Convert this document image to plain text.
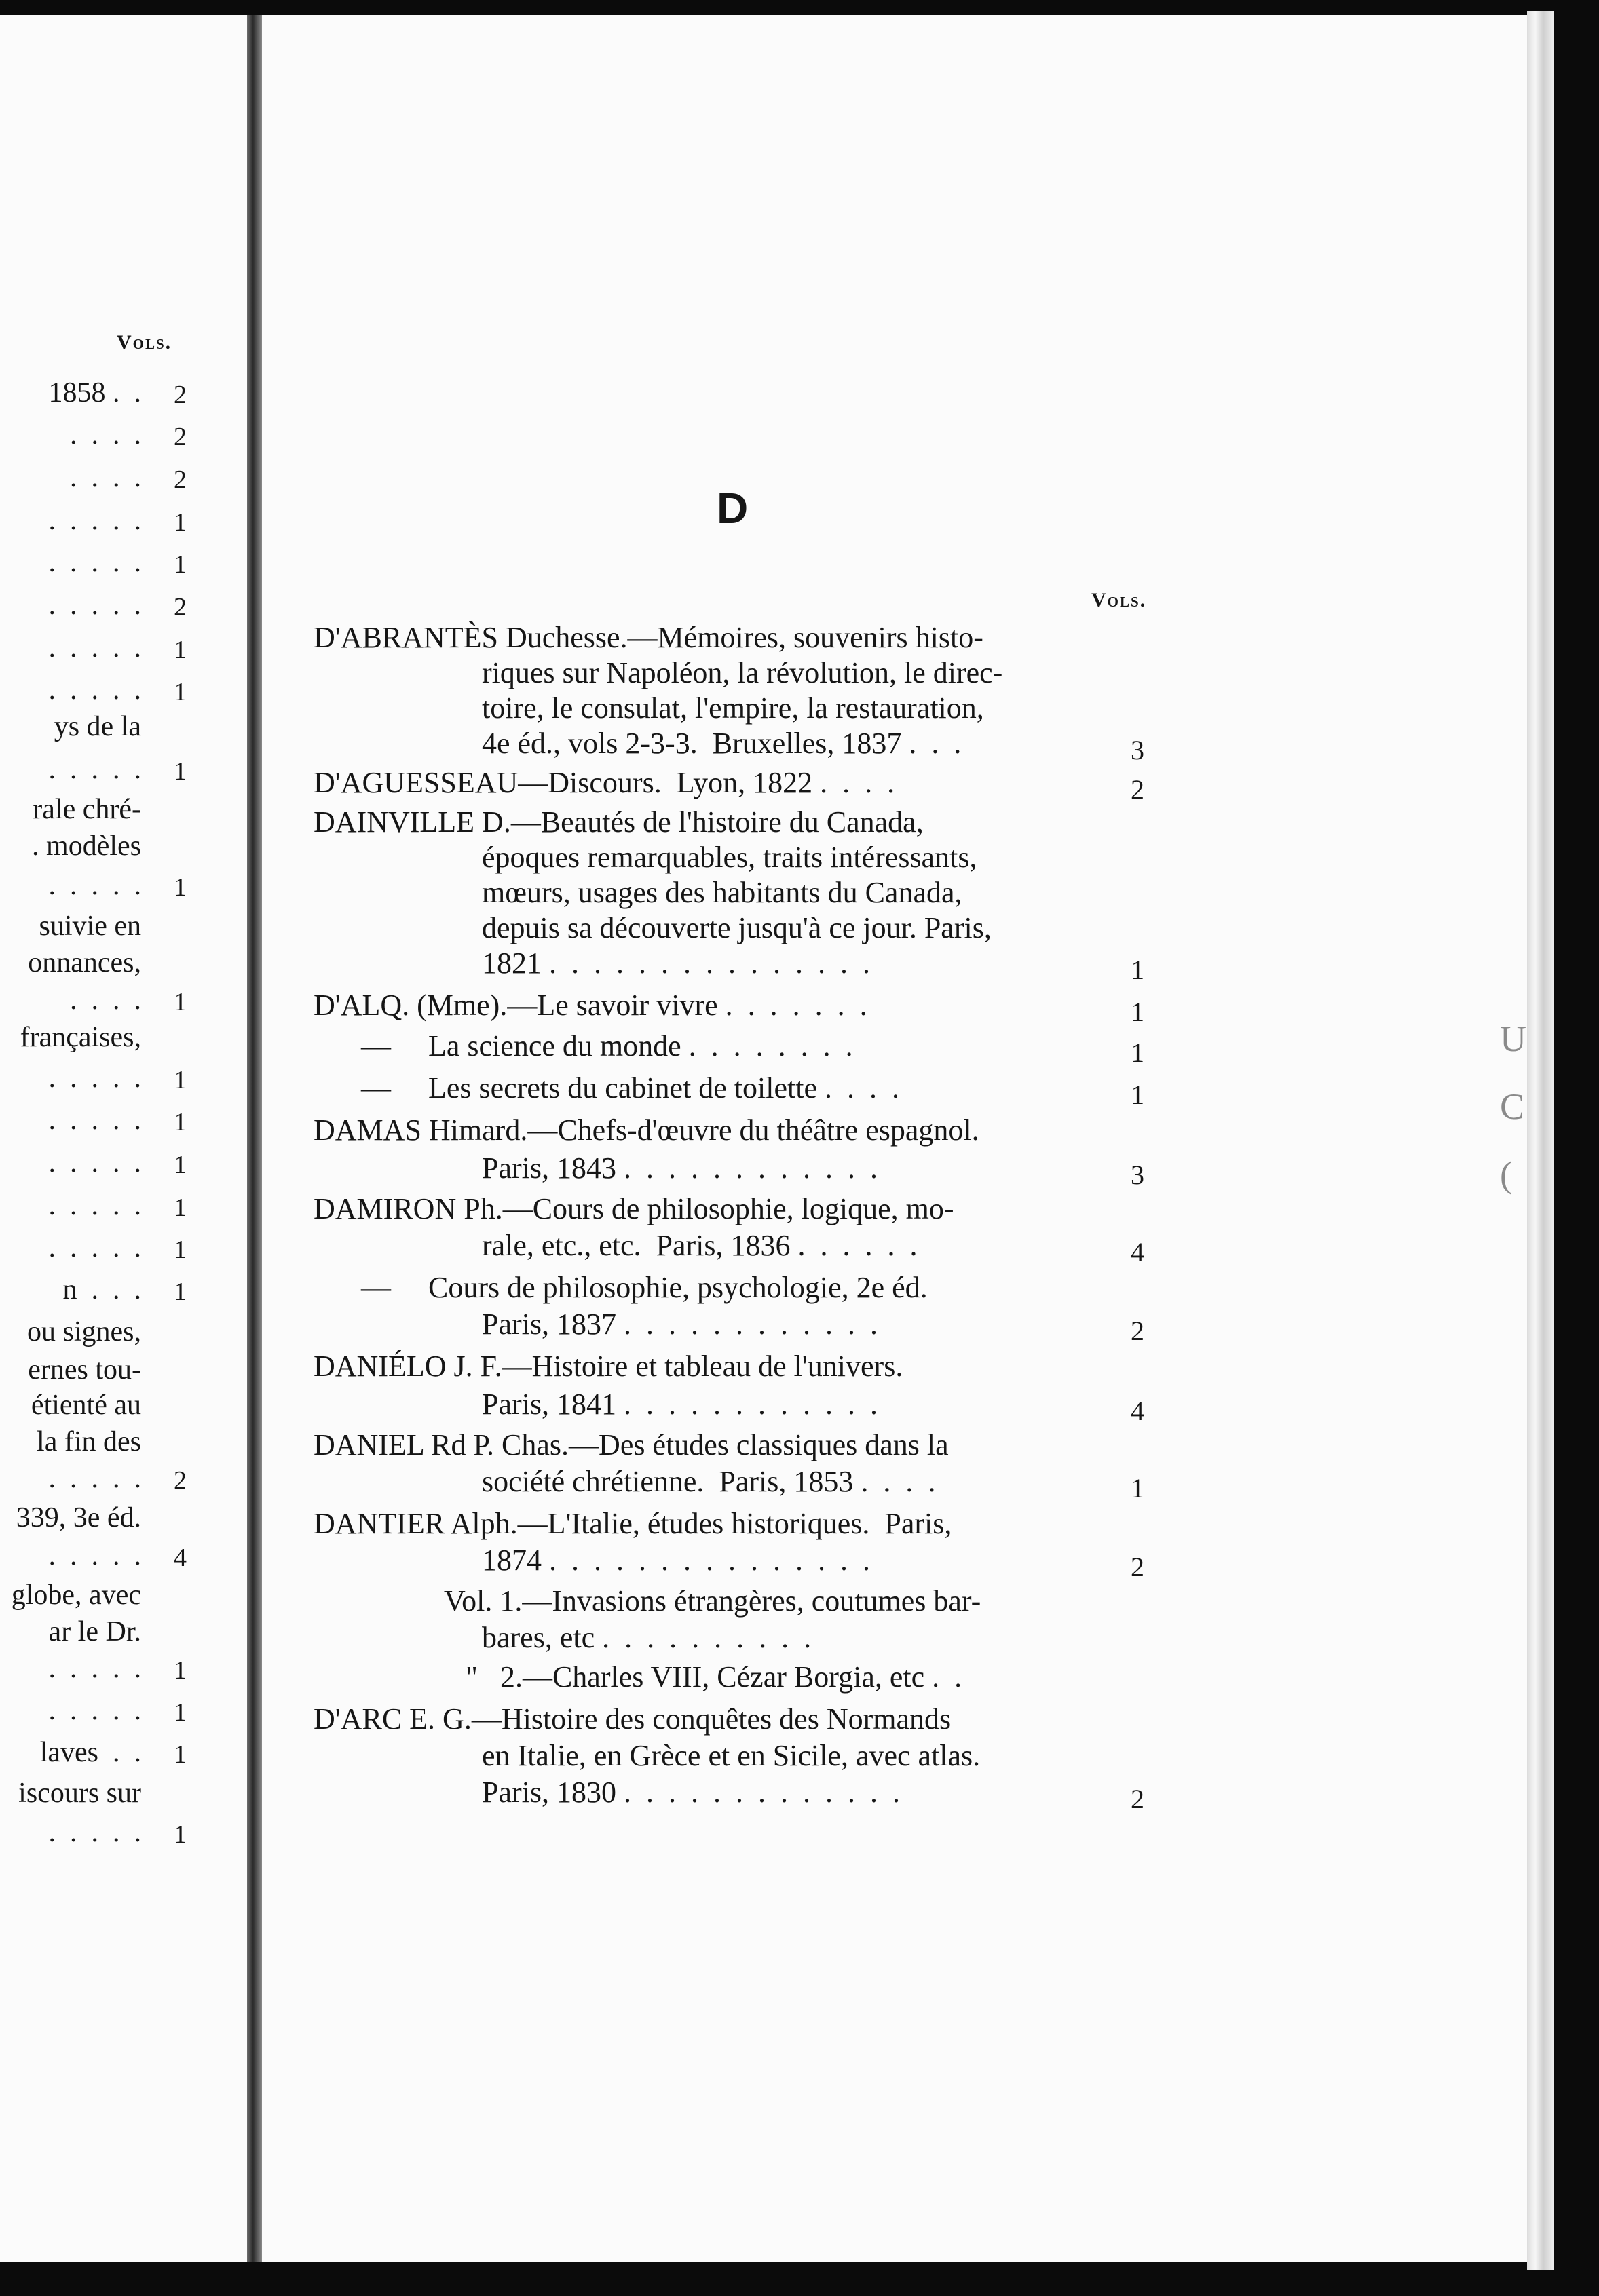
Vols.
1858 .  . 2
.  .  .  . 2
.  .  .  . 2
.  .  .  .  . 1
.  .  .  .  . 1
.  .  .  .  . 2
.  .  .  .  . 1
.  .  .  .  . 1
ys de la
.  .  .  .  . 1
rale chré-
. modèles
.  .  .  .  . 1
suivie en
onnances,
.  .  .  . 1
françaises,
.  .  .  .  . 1
.  .  .  .  . 1
.  .  .  .  . 1
.  .  .  .  . 1
.  .  .  .  . 1
n  .  .  . 1
ou signes,
ernes tou-
étienté au
la fin des
.  .  .  .  . 2
339, 3e éd.
.  .  .  .  . 4
globe, avec
ar le Dr.
.  .  .  .  . 1
.  .  .  .  . 1
laves  .  . 1
iscours sur
.  .  .  .  . 1
D
Vols.
D'ABRANTÈS Duchesse.—Mémoires, souvenirs histo-
riques sur Napoléon, la révolution, le direc-
toire, le consulat, l'empire, la restauration,
4e éd., vols 2-3-3.  Bruxelles, 1837 .  .  .	3
D'AGUESSEAU—Discours.  Lyon, 1822 .  .  .  .	2
DAINVILLE D.—Beautés de l'histoire du Canada,
époques remarquables, traits intéressants,
mœurs, usages des habitants du Canada,
depuis sa découverte jusqu'à ce jour. Paris,
1821 .  .  .  .  .  .  .  .  .  .  .  .  .  .  .	1
D'ALQ. (Mme).—Le savoir vivre .  .  .  .  .  .  .	1
—     La science du monde .  .  .  .  .  .  .  .	1
—     Les secrets du cabinet de toilette .  .  .  .	1
DAMAS Himard.—Chefs-d'œuvre du théâtre espagnol.
Paris, 1843 .  .  .  .  .  .  .  .  .  .  .  .	3
DAMIRON Ph.—Cours de philosophie, logique, mo-
rale, etc., etc.  Paris, 1836 .  .  .  .  .  .	4
—     Cours de philosophie, psychologie, 2e éd.
Paris, 1837 .  .  .  .  .  .  .  .  .  .  .  .	2
DANIÉLO J. F.—Histoire et tableau de l'univers.
Paris, 1841 .  .  .  .  .  .  .  .  .  .  .  .	4
DANIEL Rd P. Chas.—Des études classiques dans la
société chrétienne.  Paris, 1853 .  .  .  .	1
DANTIER Alph.—L'Italie, études historiques.  Paris,
1874 .  .  .  .  .  .  .  .  .  .  .  .  .  .  .	2
Vol. 1.—Invasions étrangères, coutumes bar-
bares, etc .  .  .  .  .  .  .  .  .  .
"   2.—Charles VIII, Cézar Borgia, etc .  .
D'ARC E. G.—Histoire des conquêtes des Normands
en Italie, en Grèce et en Sicile, avec atlas.
Paris, 1830 .  .  .  .  .  .  .  .  .  .  .  .  .	2
U
C
(
